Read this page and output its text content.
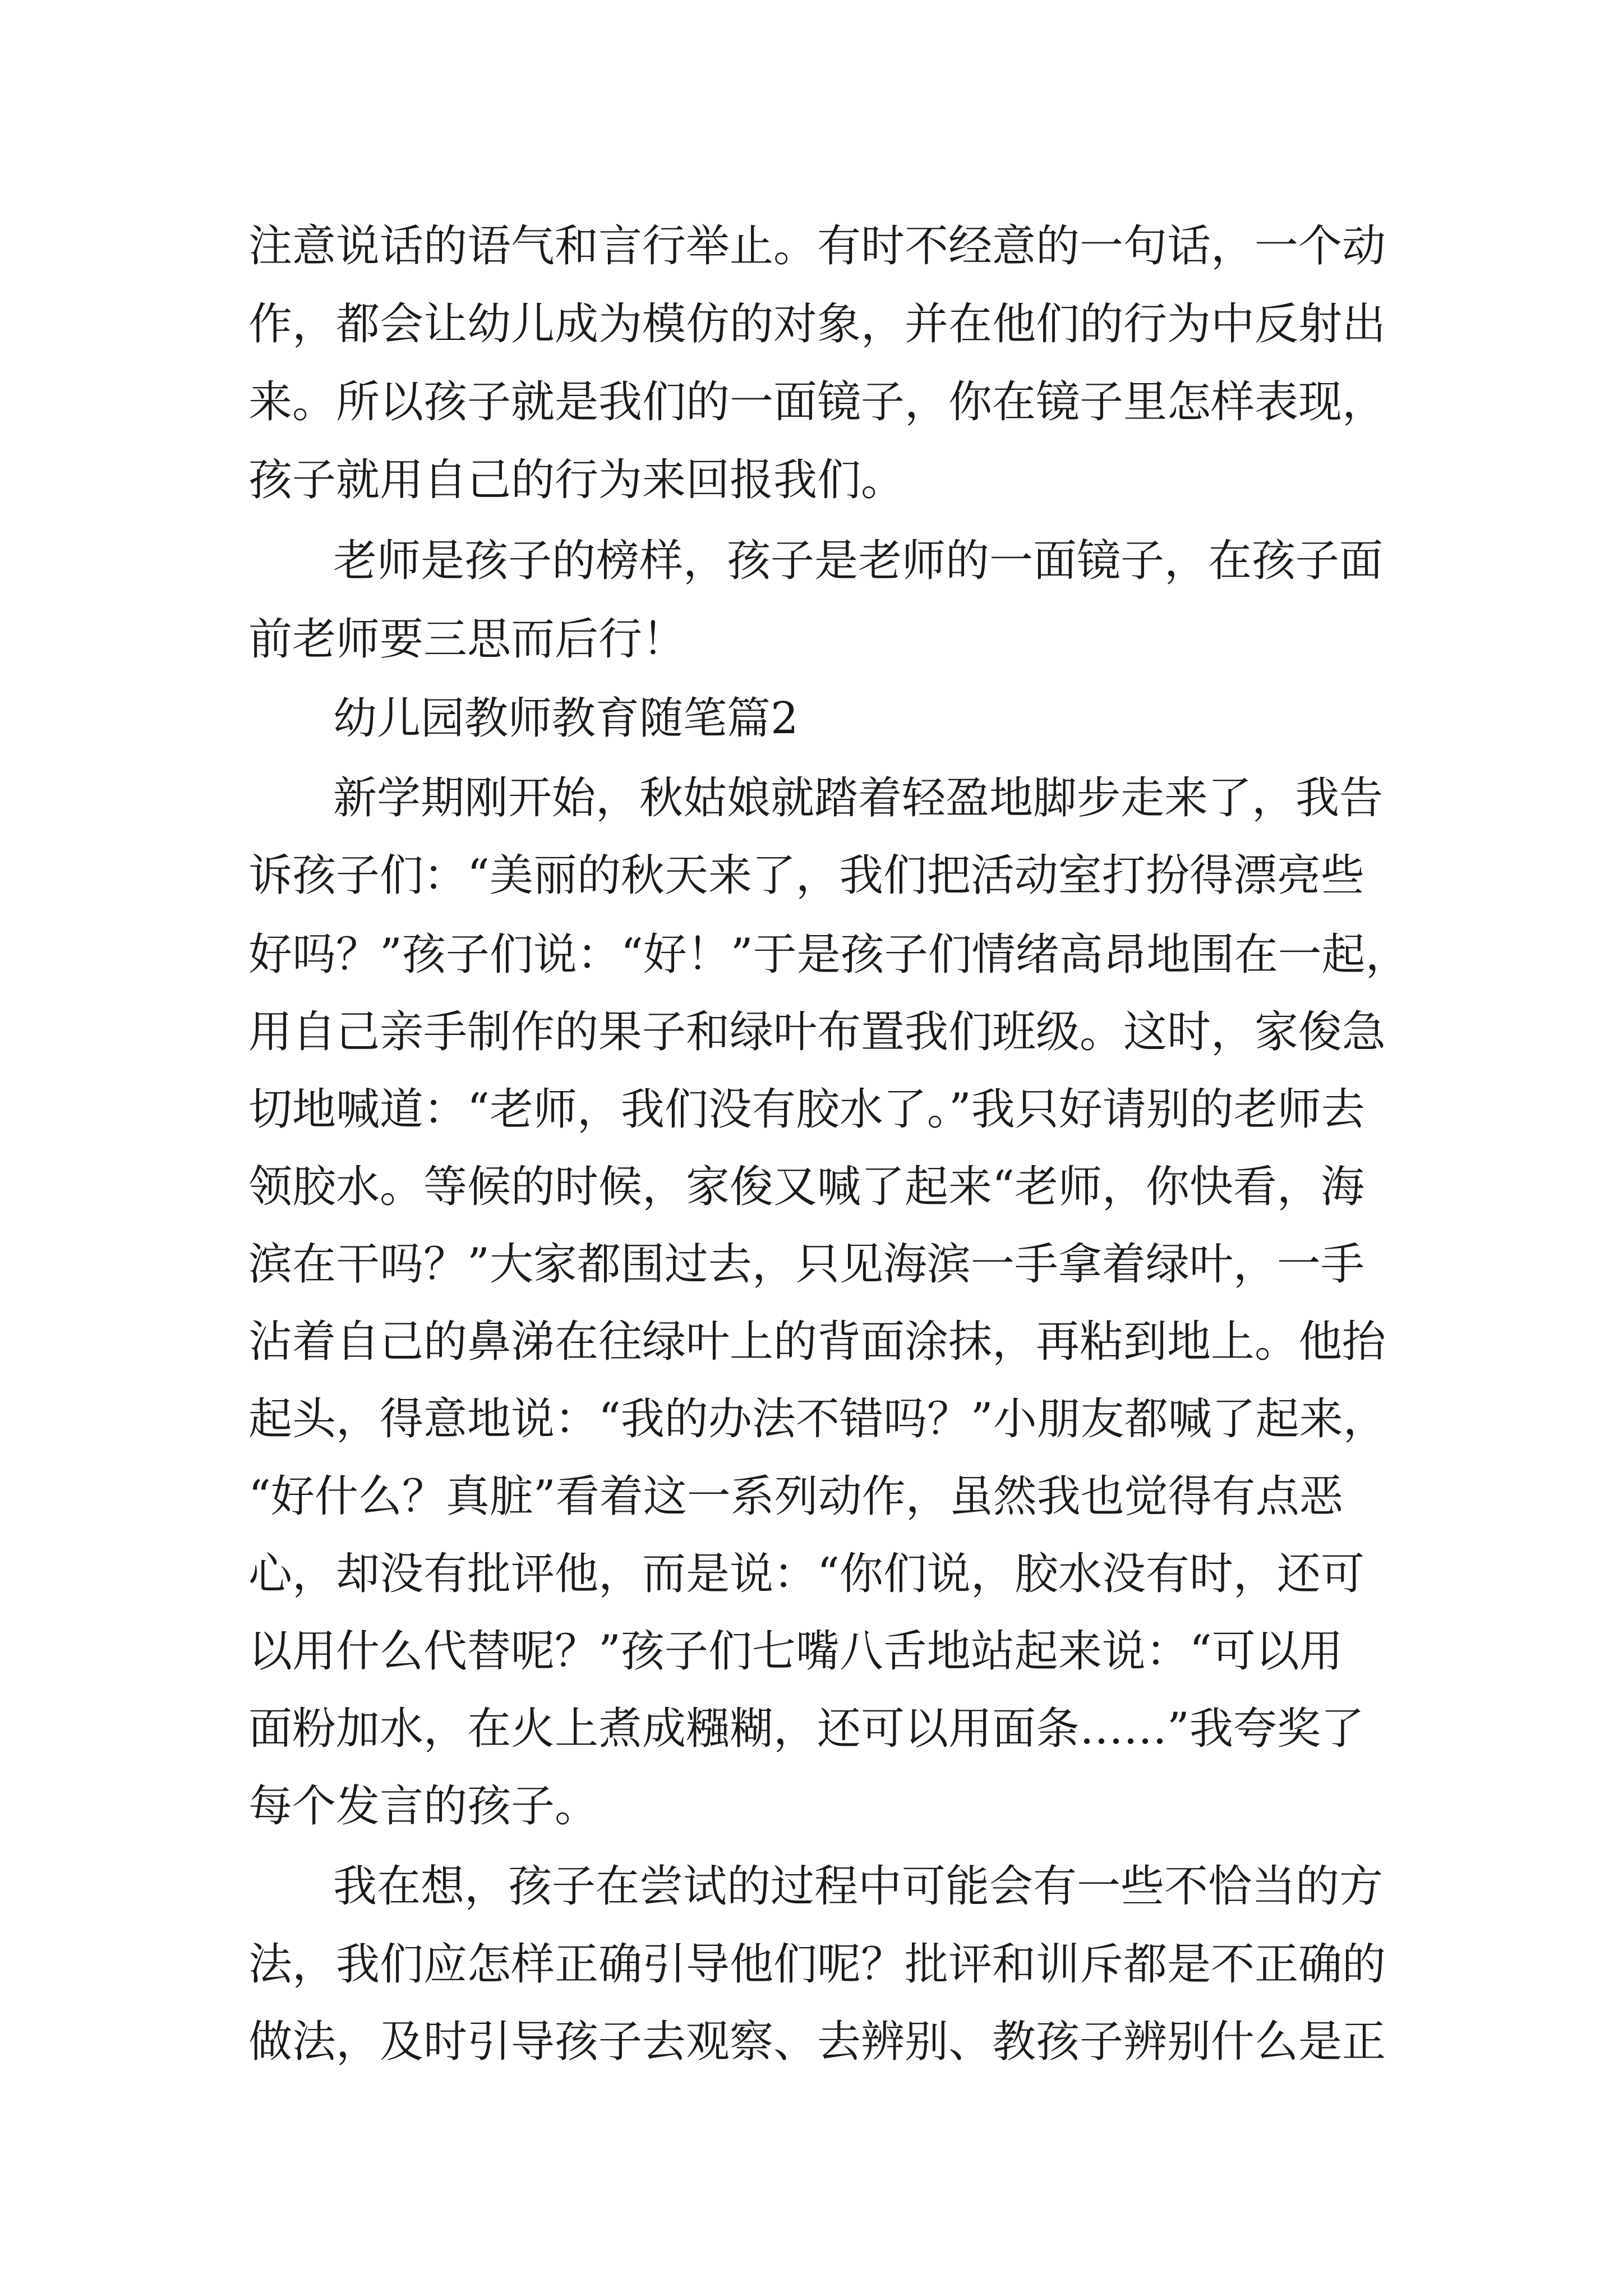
注意说话的语气和言行举止。有时不经意的一句话，一个动
作，都会让幼儿成为模仿的对象，并在他们的行为中反射出
来。所以孩子就是我们的一面镜子，你在镜子里怎样表现，
孩子就用自己的行为来回报我们。
老师是孩子的榜样，孩子是老师的一面镜子，在孩子面
前老师要三思而后行！
幼儿园教师教育随笔篇2
新学期刚开始，秋姑娘就踏着轻盈地脚步走来了，我告
诉孩子们：“美丽的秋天来了，我们把活动室打扮得漂亮些
好吗？”孩子们说：“好！”于是孩子们情绪高昂地围在一起，
用自己亲手制作的果子和绿叶布置我们班级。这时，家俊急
切地喊道：“老师，我们没有胶水了。”我只好请别的老师去
领胶水。等候的时候，家俊又喊了起来“老师，你快看，海
滨在干吗？”大家都围过去，只见海滨一手拿着绿叶，一手
沾着自己的鼻涕在往绿叶上的背面涂抹，再粘到地上。他抬
起头，得意地说：“我的办法不错吗？”小朋友都喊了起来，
“好什么？真脏”看着这一系列动作，虽然我也觉得有点恶
心，却没有批评他，而是说：“你们说，胶水没有时，还可
以用什么代替呢？”孩子们七嘴八舌地站起来说：“可以用
面粉加水，在火上煮成糨糊，还可以用面条……”我夸奖了
每个发言的孩子。
我在想，孩子在尝试的过程中可能会有一些不恰当的方
法，我们应怎样正确引导他们呢？批评和训斥都是不正确的
做法，及时引导孩子去观察、去辨别、教孩子辨别什么是正
